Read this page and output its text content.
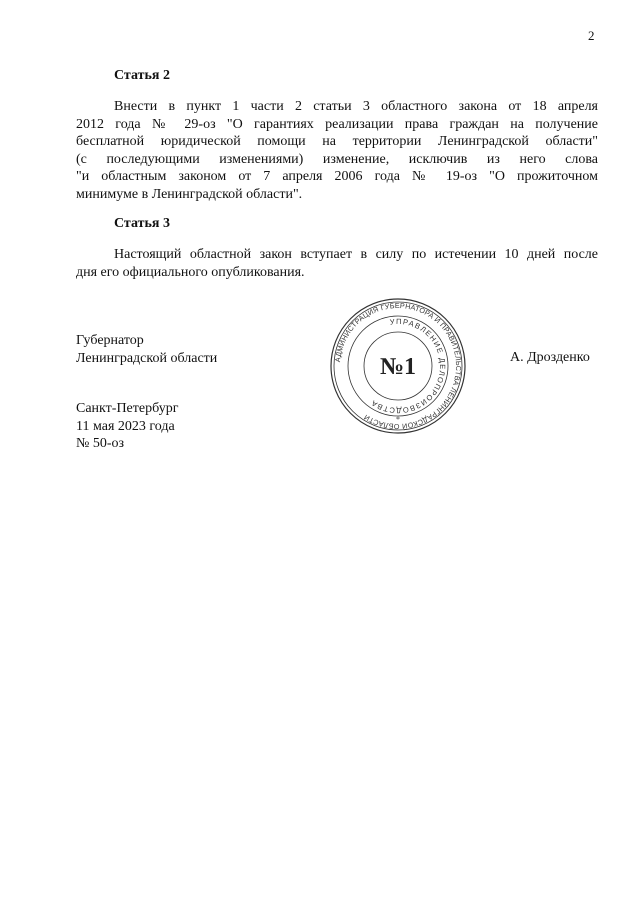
2
Статья 2
Внести в пункт 1 части 2 статьи 3 областного закона от 18 апреля
2012 года № 29-оз "О гарантиях реализации права граждан на получение
бесплатной юридической помощи на территории Ленинградской области"
(с последующими изменениями) изменение, исключив из него слова
"и областным законом от 7 апреля 2006 года № 19-оз "О прожиточном
минимуме в Ленинградской области".
Статья 3
Настоящий областной закон вступает в силу по истечении 10 дней после
дня его официального опубликования.
Губернатор
Ленинградской области	А. Дрозденко
АДМИНИСТРАЦИЯ ГУБЕРНАТОРА И ПРАВИТЕЛЬСТВА ЛЕНИНГРАДСКОЙ ОБЛАСТИ
УПРАВЛЕНИЕ ДЕЛОПРОИЗВОДСТВА
№1
*
Санкт-Петербург
11 мая 2023 года
№ 50-оз
